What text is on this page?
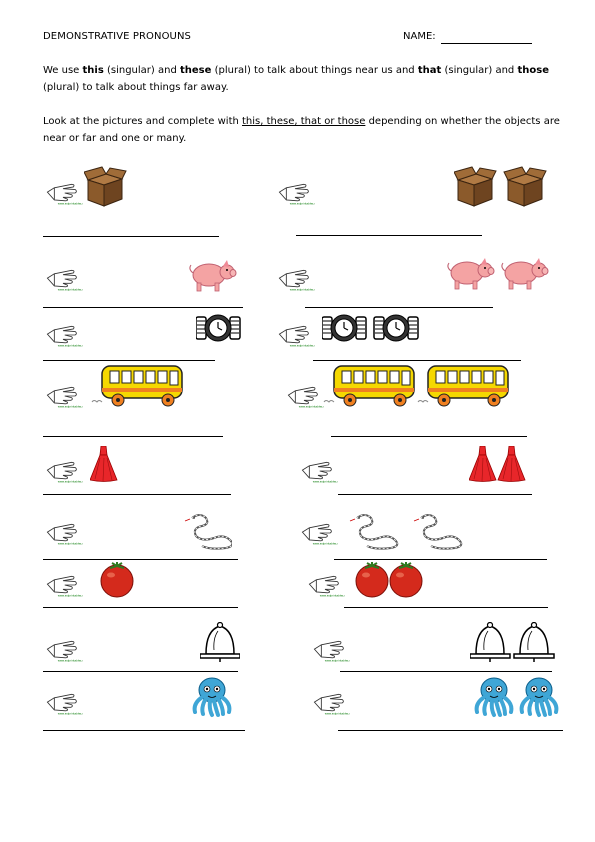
DEMONSTRATIVE PRONOUNS	NAME:
We use this (singular) and these (plural) to talk about things near us and that (singular) and those (plural) to talk about things far away.
Look at the pictures and complete with this, these, that or those depending on whether the objects are near or far and one or many.
